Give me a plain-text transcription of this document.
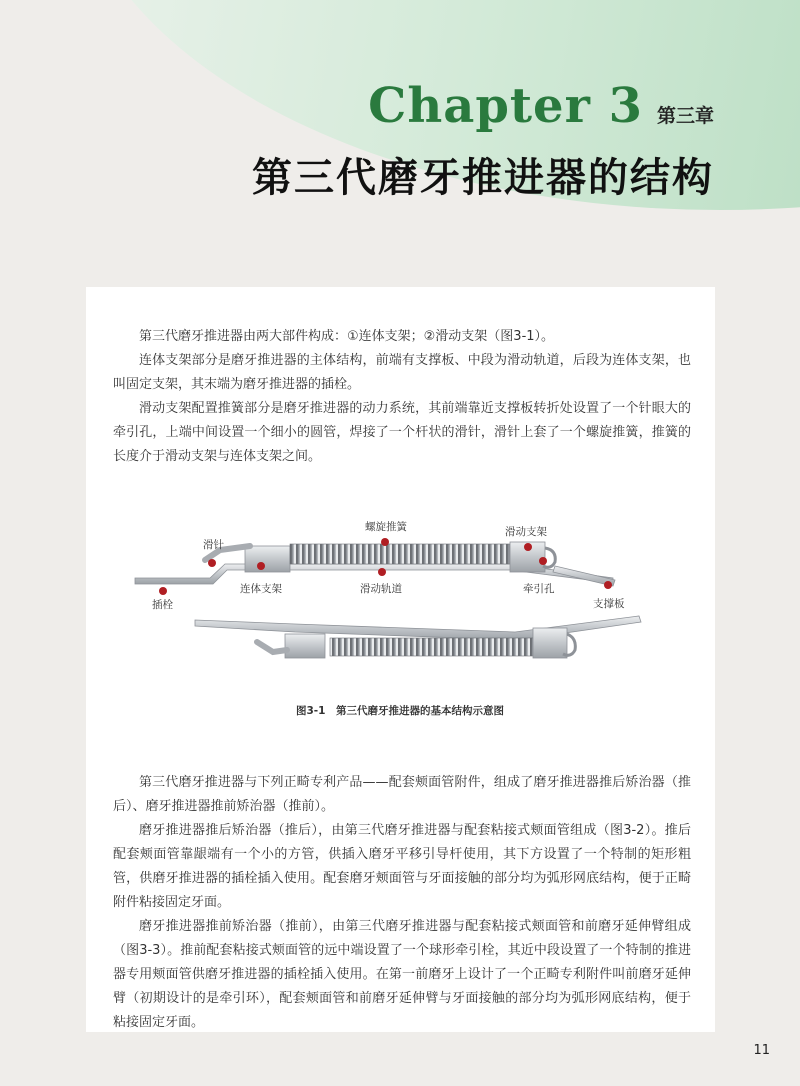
Chapter 3 第三章
第三代磨牙推进器的结构

第三代磨牙推进器由两大部件构成：①连体支架；②滑动支架（图3-1）。

连体支架部分是磨牙推进器的主体结构，前端有支撑板、中段为滑动轨道，后段为连体支架，也叫固定支架，其末端为磨牙推进器的插栓。

滑动支架配置推簧部分是磨牙推进器的动力系统，其前端靠近支撑板转折处设置了一个针眼大的牵引孔，上端中间设置一个细小的圆管，焊接了一个杆状的滑针，滑针上套了一个螺旋推簧，推簧的长度介于滑动支架与连体支架之间。

滑针
螺旋推簧	滑动支架
插栓
连体支架	滑动轨道	牵引孔
支撑板
图3-1　第三代磨牙推进器的基本结构示意图

第三代磨牙推进器与下列正畸专利产品——配套颊面管附件，组成了磨牙推进器推后矫治器（推后）、磨牙推进器推前矫治器（推前）。

磨牙推进器推后矫治器（推后），由第三代磨牙推进器与配套粘接式颊面管组成（图3-2）。推后配套颊面管靠龈端有一个小的方管，供插入磨牙平移引导杆使用，其下方设置了一个特制的矩形粗管，供磨牙推进器的插栓插入使用。配套磨牙颊面管与牙面接触的部分均为弧形网底结构，便于正畸附件粘接固定牙面。

磨牙推进器推前矫治器（推前），由第三代磨牙推进器与配套粘接式颊面管和前磨牙延伸臂组成（图3-3）。推前配套粘接式颊面管的远中端设置了一个球形牵引栓，其近中段设置了一个特制的推进器专用颊面管供磨牙推进器的插栓插入使用。在第一前磨牙上设计了一个正畸专利附件叫前磨牙延伸臂（初期设计的是牵引环），配套颊面管和前磨牙延伸臂与牙面接触的部分均为弧形网底结构，便于粘接固定牙面。

11
